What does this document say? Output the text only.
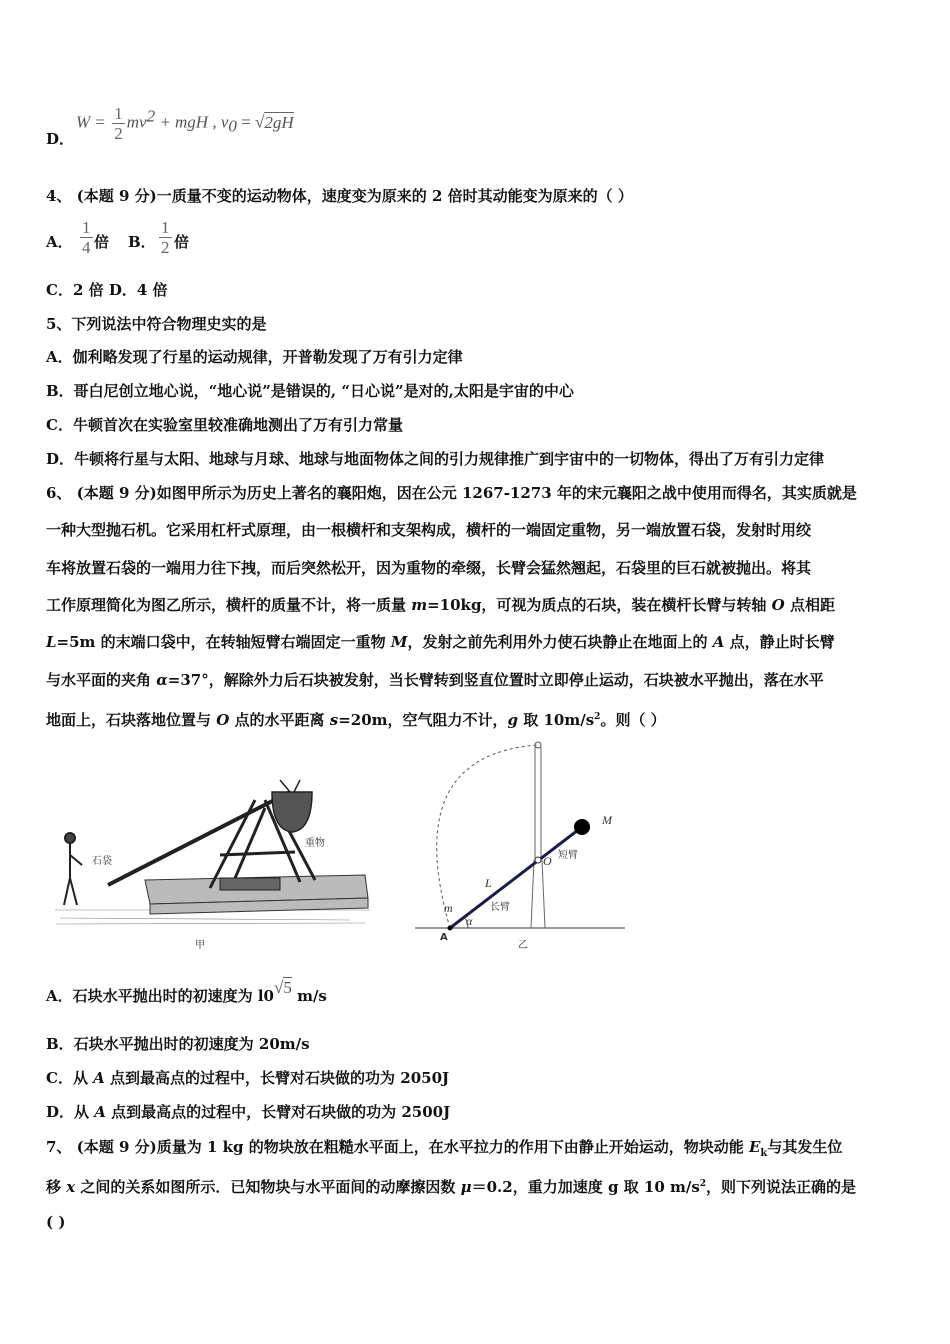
D．
$W = \frac{1}{2} mv^2$ + mgH , $v_0 = √2gH$
4、 (本题 9 分)一质量不变的运动物体，速度变为原来的 2 倍时其动能变为原来的（ ）
A． $\frac{1}{4}$ 倍 B． $\frac{1}{2}$ 倍
C．2 倍 D．4 倍
5、下列说法中符合物理史实的是
A．伽利略发现了行星的运动规律，开普勒发现了万有引力定律
B．哥白尼创立地心说，“地心说”是错误的, “日心说”是对的,太阳是宇宙的中心
C．牛顿首次在实验室里较准确地测出了万有引力常量
D．牛顿将行星与太阳、地球与月球、地球与地面物体之间的引力规律推广到宇宙中的一切物体，得出了万有引力定律
6、 (本题 9 分)如图甲所示为历史上著名的襄阳炮，因在公元 1267-1273 年的宋元襄阳之战中使用而得名，其实质就是
一种大型抛石机。它采用杠杆式原理，由一根横杆和支架构成，横杆的一端固定重物，另一端放置石袋，发射时用绞
车将放置石袋的一端用力往下拽，而后突然松开，因为重物的牵缀，长臂会猛然翘起，石袋里的巨石就被抛出。将其
工作原理简化为图乙所示，横杆的质量不计，将一质量 m=10kg，可视为质点的石块，装在横杆长臂与转轴 O 点相距
L=5m 的末端口袋中，在转轴短臂右端固定一重物 M，发射之前先利用外力使石块静止在地面上的 A 点，静止时长臂
与水平面的夹角 α=37°，解除外力后石块被发射，当长臂转到竖直位置时立即停止运动，石块被水平抛出，落在水平
地面上，石块落地位置与 O 点的水平距离 s=20m，空气阻力不计，g 取 $10m/s^2$。则（ ）
石袋
重物
甲
M
短臂
O
L
长臂
m
α
A
乙
A．石块水平抛出时的初速度为 l0√5 m/s
B．石块水平抛出时的初速度为 20m/s
C．从 A 点到最高点的过程中，长臂对石块做的功为 2050J
D．从 A 点到最高点的过程中，长臂对石块做的功为 2500J
7、 (本题 9 分)质量为 1 kg 的物块放在粗糙水平面上，在水平拉力的作用下由静止开始运动，物块动能 $E_k$与其发生位
移 x 之间的关系如图所示．已知物块与水平面间的动摩擦因数 μ＝0.2，重力加速度 g 取 10 $m/s^2$，则下列说法正确的是
( )
